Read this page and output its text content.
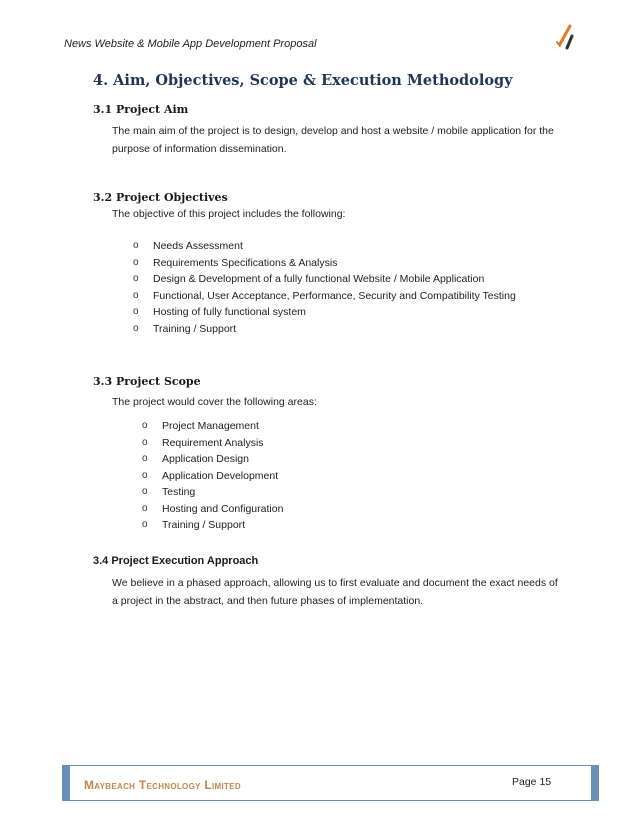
News Website & Mobile App Development Proposal
4. Aim, Objectives, Scope & Execution Methodology
3.1 Project Aim
The main aim of the project is to design, develop and host a website / mobile application for the
purpose of information dissemination.
3.2 Project Objectives
The objective of this project includes the following:
o Needs Assessment
o Requirements Specifications & Analysis
o Design & Development of a fully functional Website / Mobile Application
o Functional, User Acceptance, Performance, Security and Compatibility Testing
o Hosting of fully functional system
o Training / Support
3.3 Project Scope
The project would cover the following areas:
o Project Management
o Requirement Analysis
o Application Design
o Application Development
o Testing
o Hosting and Configuration
o Training / Support
3.4 Project Execution Approach
We believe in a phased approach, allowing us to first evaluate and document the exact needs of
a project in the abstract, and then future phases of implementation.
Maybeach Technology Limited	Page 15
